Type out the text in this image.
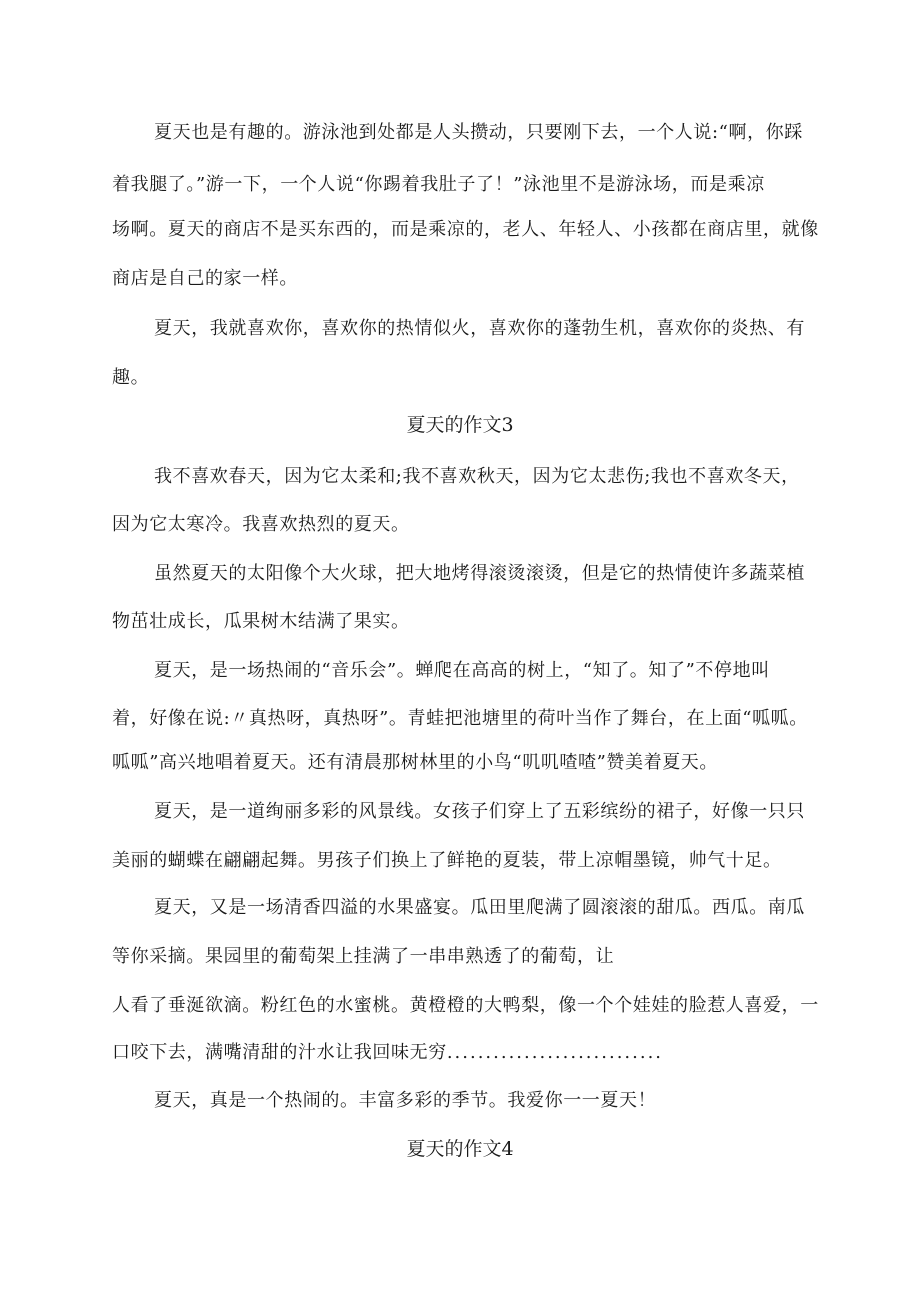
夏天也是有趣的。游泳池到处都是人头攒动，只要刚下去，一个人说:“啊，你踩
着我腿了。”游一下，一个人说“你踢着我肚子了！”泳池里不是游泳场，而是乘凉
场啊。夏天的商店不是买东西的，而是乘凉的，老人、年轻人、小孩都在商店里，就像
商店是自己的家一样。
夏天，我就喜欢你，喜欢你的热情似火，喜欢你的蓬勃生机，喜欢你的炎热、有
趣。
夏天的作文3
我不喜欢春天，因为它太柔和;我不喜欢秋天，因为它太悲伤;我也不喜欢冬天，
因为它太寒冷。我喜欢热烈的夏天。
虽然夏天的太阳像个大火球，把大地烤得滚烫滚烫，但是它的热情使许多蔬菜植
物茁壮成长，瓜果树木结满了果实。
夏天，是一场热闹的“音乐会”。蝉爬在高高的树上，“知了。知了”不停地叫
着，好像在说:〃真热呀，真热呀”。青蛙把池塘里的荷叶当作了舞台，在上面“呱呱。
呱呱”高兴地唱着夏天。还有清晨那树林里的小鸟“叽叽喳喳”赞美着夏天。
夏天，是一道绚丽多彩的风景线。女孩子们穿上了五彩缤纷的裙子，好像一只只
美丽的蝴蝶在翩翩起舞。男孩子们换上了鲜艳的夏装，带上凉帽墨镜，帅气十足。
夏天，又是一场清香四溢的水果盛宴。瓜田里爬满了圆滚滚的甜瓜。西瓜。南瓜
等你采摘。果园里的葡萄架上挂满了一串串熟透了的葡萄，让
人看了垂涎欲滴。粉红色的水蜜桃。黄橙橙的大鸭梨，像一个个娃娃的脸惹人喜爱，一
口咬下去，满嘴清甜的汁水让我回味无穷............................
夏天，真是一个热闹的。丰富多彩的季节。我爱你一一夏天！
夏天的作文4
